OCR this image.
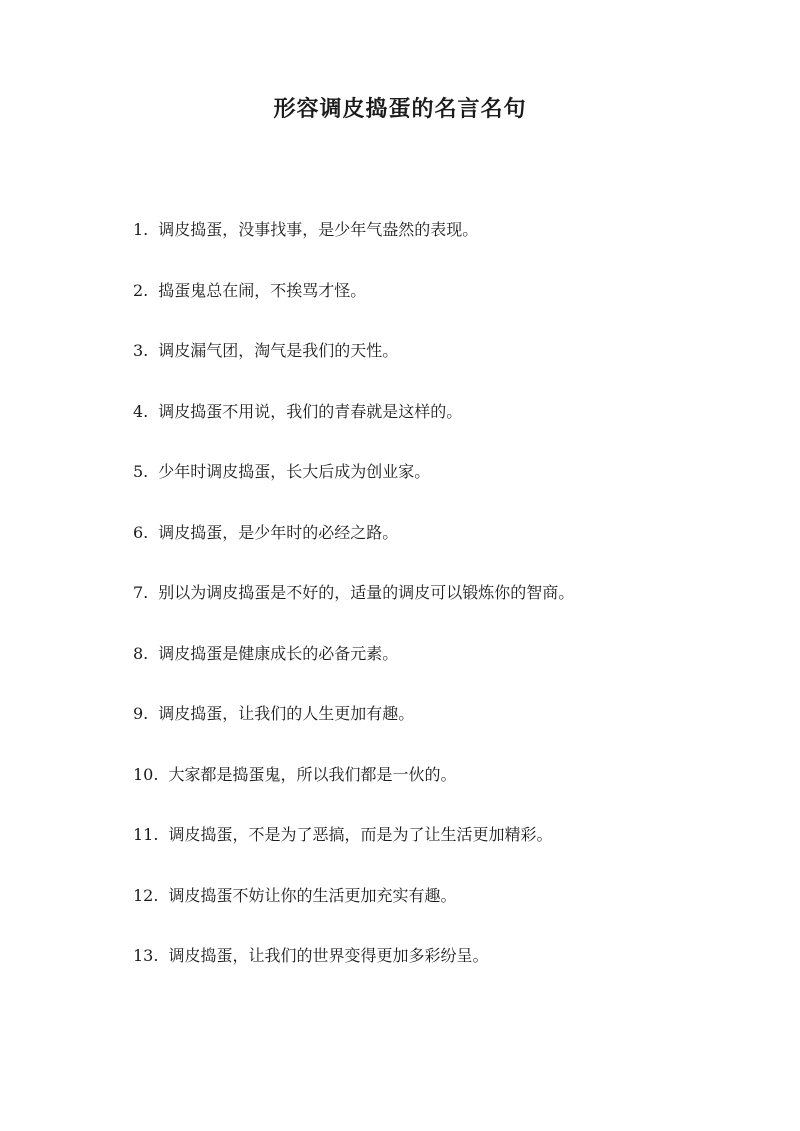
形容调皮捣蛋的名言名句
1. 调皮捣蛋，没事找事，是少年气盎然的表现。
2. 捣蛋鬼总在闹，不挨骂才怪。
3. 调皮漏气团，淘气是我们的天性。
4. 调皮捣蛋不用说，我们的青春就是这样的。
5. 少年时调皮捣蛋，长大后成为创业家。
6. 调皮捣蛋，是少年时的必经之路。
7. 别以为调皮捣蛋是不好的，适量的调皮可以锻炼你的智商。
8. 调皮捣蛋是健康成长的必备元素。
9. 调皮捣蛋，让我们的人生更加有趣。
10. 大家都是捣蛋鬼，所以我们都是一伙的。
11. 调皮捣蛋，不是为了恶搞，而是为了让生活更加精彩。
12. 调皮捣蛋不妨让你的生活更加充实有趣。
13. 调皮捣蛋，让我们的世界变得更加多彩纷呈。
